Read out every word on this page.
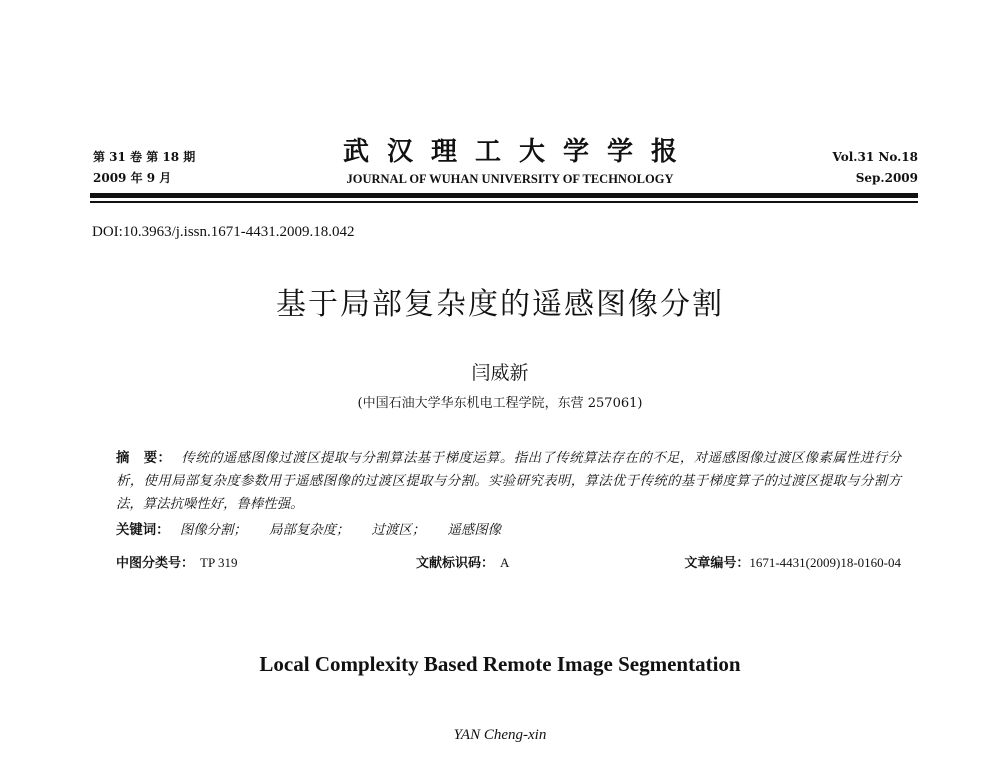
第 31 卷 第 18 期
2009 年 9 月
武汉理工大学学报
JOURNAL OF WUHAN UNIVERSITY OF TECHNOLOGY
Vol.31 No.18
Sep.2009
DOI:10.3963/j.issn.1671-4431.2009.18.042
基于局部复杂度的遥感图像分割
闫威新
(中国石油大学华东机电工程学院，东营 257061)
摘　要： 传统的遥感图像过渡区提取与分割算法基于梯度运算。指出了传统算法存在的不足，对遥感图像过渡区像素属性进行分析，使用局部复杂度参数用于遥感图像的过渡区提取与分割。实验研究表明，算法优于传统的基于梯度算子的过渡区提取与分割方法，算法抗噪性好，鲁棒性强。
关键词： 图像分割； 局部复杂度； 过渡区； 遥感图像
中图分类号： TP 319	文献标识码： A	文章编号：1671-4431(2009)18-0160-04
Local Complexity Based Remote Image Segmentation
YAN Cheng-xin
